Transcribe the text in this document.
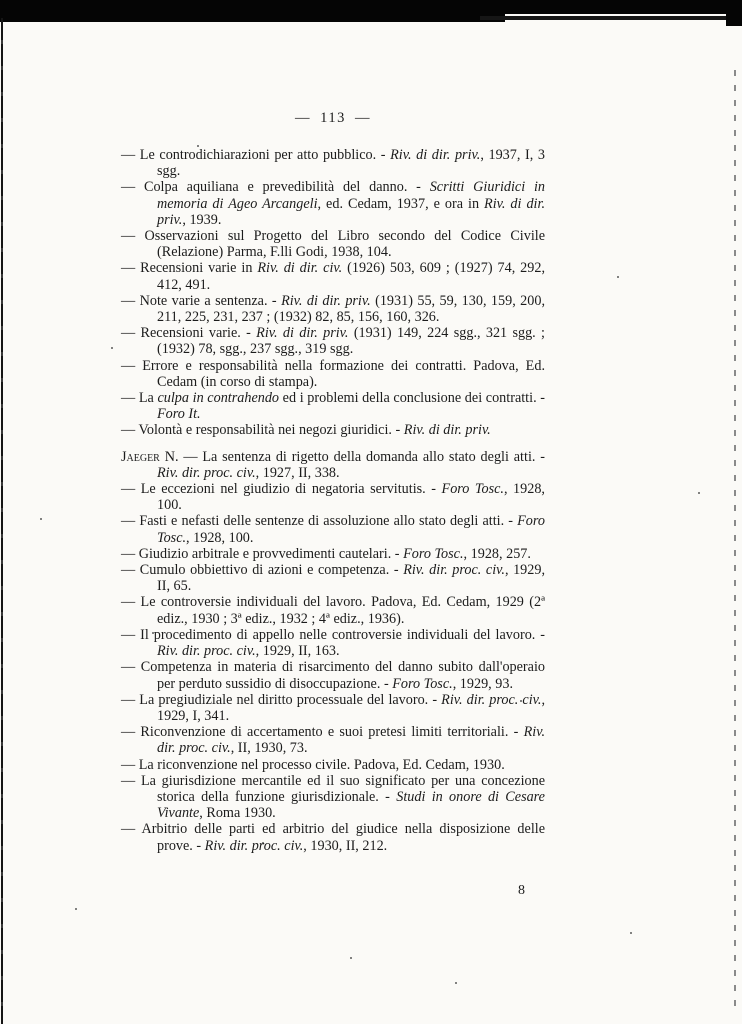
— 113 —
— Le controdichiarazioni per atto pubblico. - Riv. di dir. priv., 1937, I, 3 sgg.
— Colpa aquiliana e prevedibilità del danno. - Scritti Giuridici in memoria di Ageo Arcangeli, ed. Cedam, 1937, e ora in Riv. di dir. priv., 1939.
— Osservazioni sul Progetto del Libro secondo del Codice Civile (Relazione) Parma, F.lli Godi, 1938, 104.
— Recensioni varie in Riv. di dir. civ. (1926) 503, 609 ; (1927) 74, 292, 412, 491.
— Note varie a sentenza. - Riv. di dir. priv. (1931) 55, 59, 130, 159, 200, 211, 225, 231, 237 ; (1932) 82, 85, 156, 160, 326.
— Recensioni varie. - Riv. di dir. priv. (1931) 149, 224 sgg., 321 sgg. ; (1932) 78, sgg., 237 sgg., 319 sgg.
— Errore e responsabilità nella formazione dei contratti. Padova, Ed. Cedam (in corso di stampa).
— La culpa in contrahendo ed i problemi della conclusione dei contratti. - Foro It.
— Volontà e responsabilità nei negozi giuridici. - Riv. di dir. priv.
Jaeger N. — La sentenza di rigetto della domanda allo stato degli atti. - Riv. dir. proc. civ., 1927, II, 338.
— Le eccezioni nel giudizio di negatoria servitutis. - Foro Tosc., 1928, 100.
— Fasti e nefasti delle sentenze di assoluzione allo stato degli atti. - Foro Tosc., 1928, 100.
— Giudizio arbitrale e provvedimenti cautelari. - Foro Tosc., 1928, 257.
— Cumulo obbiettivo di azioni e competenza. - Riv. dir. proc. civ., 1929, II, 65.
— Le controversie individuali del lavoro. Padova, Ed. Cedam, 1929 (2ª ediz., 1930 ; 3ª ediz., 1932 ; 4ª ediz., 1936).
— Il procedimento di appello nelle controversie individuali del lavoro. - Riv. dir. proc. civ., 1929, II, 163.
— Competenza in materia di risarcimento del danno subito dall'operaio per perduto sussidio di disoccupazione. - Foro Tosc., 1929, 93.
— La pregiudiziale nel diritto processuale del lavoro. - Riv. dir. proc. civ., 1929, I, 341.
— Riconvenzione di accertamento e suoi pretesi limiti territoriali. - Riv. dir. proc. civ., II, 1930, 73.
— La riconvenzione nel processo civile. Padova, Ed. Cedam, 1930.
— La giurisdizione mercantile ed il suo significato per una concezione storica della funzione giurisdizionale. - Studi in onore di Cesare Vivante, Roma 1930.
— Arbitrio delle parti ed arbitrio del giudice nella disposizione delle prove. - Riv. dir. proc. civ., 1930, II, 212.
8
